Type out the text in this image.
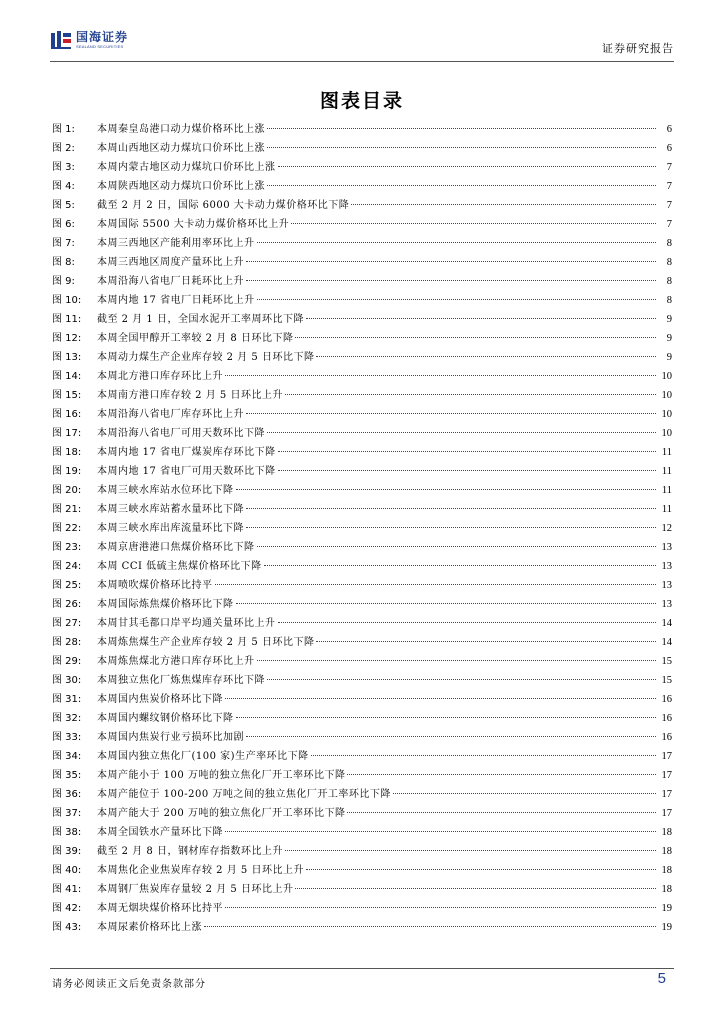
国海证券
SEALAND SECURITIES	证券研究报告
图表目录
图 1:	本周秦皇岛港口动力煤价格环比上涨	6
图 2:	本周山西地区动力煤坑口价环比上涨	6
图 3:	本周内蒙古地区动力煤坑口价环比上涨	7
图 4:	本周陕西地区动力煤坑口价环比上涨	7
图 5:	截至 2 月 2 日，国际 6000 大卡动力煤价格环比下降	7
图 6:	本周国际 5500 大卡动力煤价格环比上升	7
图 7:	本周三西地区产能利用率环比上升	8
图 8:	本周三西地区周度产量环比上升	8
图 9:	本周沿海八省电厂日耗环比上升	8
图 10:	本周内地 17 省电厂日耗环比上升	8
图 11:	截至 2 月 1 日，全国水泥开工率周环比下降	9
图 12:	本周全国甲醇开工率较 2 月 8 日环比下降	9
图 13:	本周动力煤生产企业库存较 2 月 5 日环比下降	9
图 14:	本周北方港口库存环比上升	10
图 15:	本周南方港口库存较 2 月 5 日环比上升	10
图 16:	本周沿海八省电厂库存环比上升	10
图 17:	本周沿海八省电厂可用天数环比下降	10
图 18:	本周内地 17 省电厂煤炭库存环比下降	11
图 19:	本周内地 17 省电厂可用天数环比下降	11
图 20:	本周三峡水库站水位环比下降	11
图 21:	本周三峡水库站蓄水量环比下降	11
图 22:	本周三峡水库出库流量环比下降	12
图 23:	本周京唐港港口焦煤价格环比下降	13
图 24:	本周 CCI 低硫主焦煤价格环比下降	13
图 25:	本周喷吹煤价格环比持平	13
图 26:	本周国际炼焦煤价格环比下降	13
图 27:	本周甘其毛都口岸平均通关量环比上升	14
图 28:	本周炼焦煤生产企业库存较 2 月 5 日环比下降	14
图 29:	本周炼焦煤北方港口库存环比上升	15
图 30:	本周独立焦化厂炼焦煤库存环比下降	15
图 31:	本周国内焦炭价格环比下降	16
图 32:	本周国内螺纹钢价格环比下降	16
图 33:	本周国内焦炭行业亏损环比加剧	16
图 34:	本周国内独立焦化厂(100 家)生产率环比下降	17
图 35:	本周产能小于 100 万吨的独立焦化厂开工率环比下降	17
图 36:	本周产能位于 100-200 万吨之间的独立焦化厂开工率环比下降	17
图 37:	本周产能大于 200 万吨的独立焦化厂开工率环比下降	17
图 38:	本周全国铁水产量环比下降	18
图 39:	截至 2 月 8 日，钢材库存指数环比上升	18
图 40:	本周焦化企业焦炭库存较 2 月 5 日环比上升	18
图 41:	本周钢厂焦炭库存量较 2 月 5 日环比上升	18
图 42:	本周无烟块煤价格环比持平	19
图 43:	本周尿素价格环比上涨	19
请务必阅读正文后免责条款部分	5
